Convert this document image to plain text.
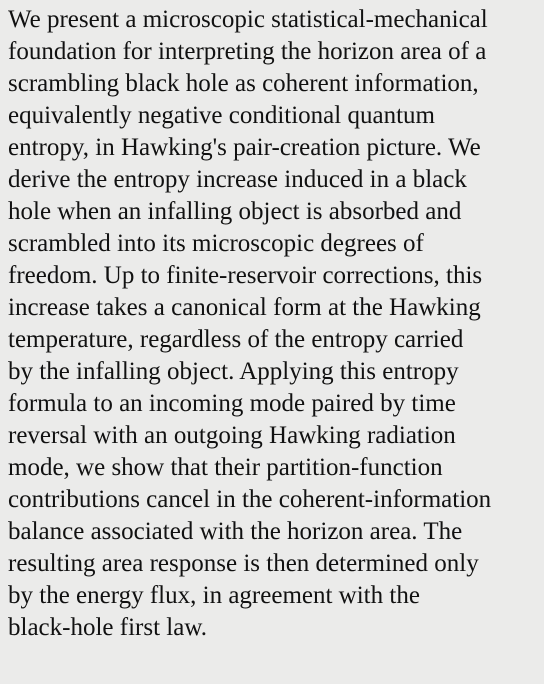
We present a microscopic statistical-mechanical
foundation for interpreting the horizon area of a
scrambling black hole as coherent information,
equivalently negative conditional quantum
entropy, in Hawking's pair-creation picture. We
derive the entropy increase induced in a black
hole when an infalling object is absorbed and
scrambled into its microscopic degrees of
freedom. Up to finite-reservoir corrections, this
increase takes a canonical form at the Hawking
temperature, regardless of the entropy carried
by the infalling object. Applying this entropy
formula to an incoming mode paired by time
reversal with an outgoing Hawking radiation
mode, we show that their partition-function
contributions cancel in the coherent-information
balance associated with the horizon area. The
resulting area response is then determined only
by the energy flux, in agreement with the
black-hole first law.
